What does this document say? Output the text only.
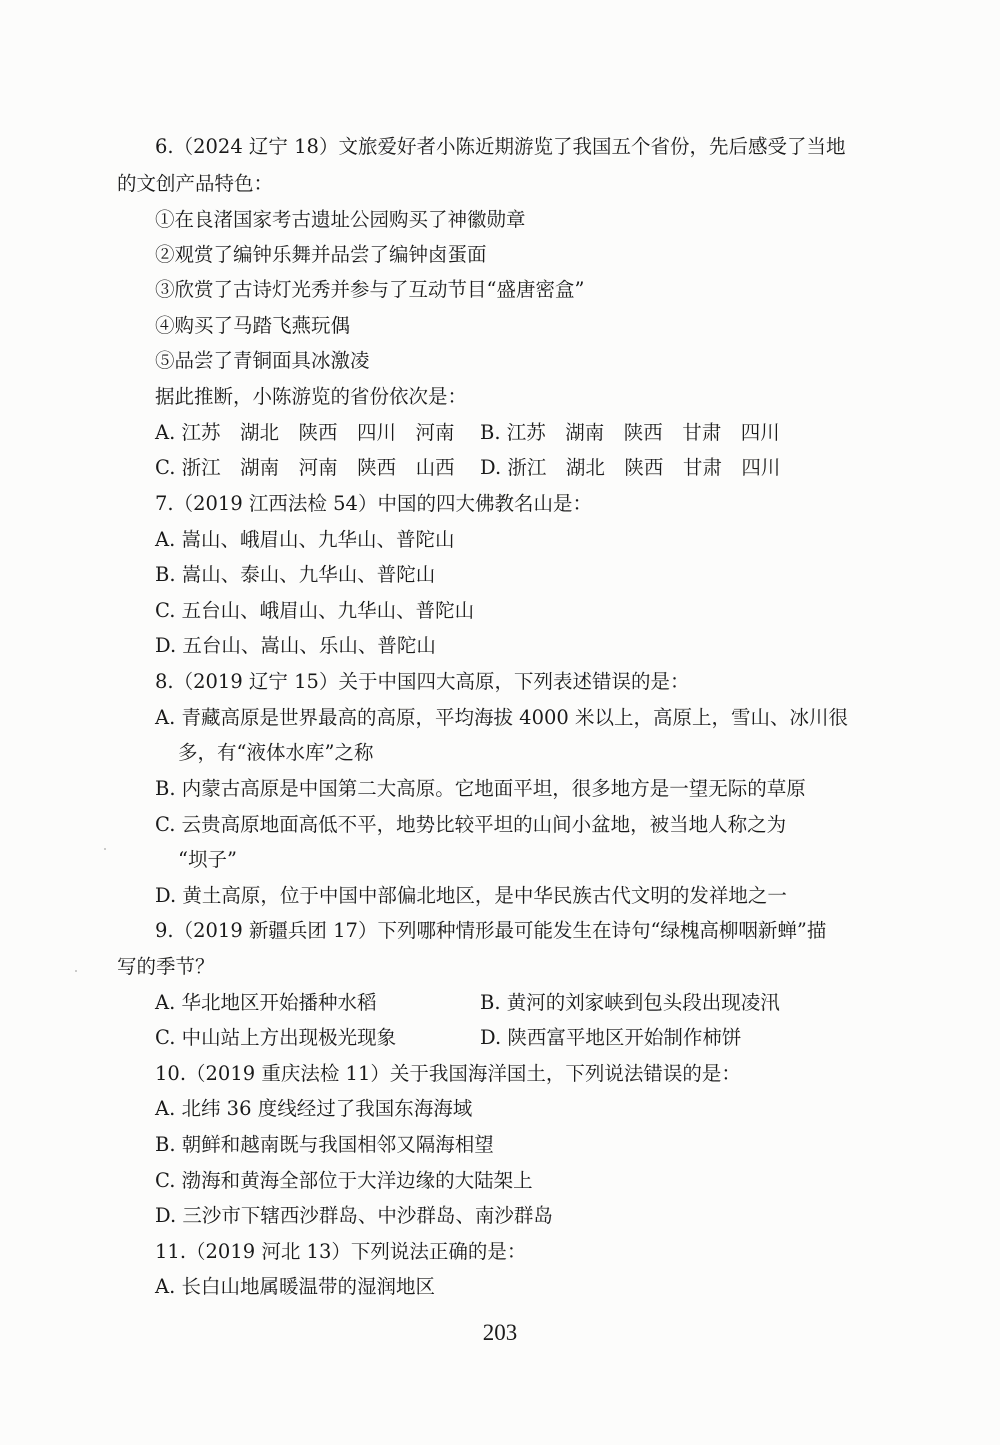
6.（2024 辽宁 18）文旅爱好者小陈近期游览了我国五个省份，先后感受了当地
的文创产品特色：
①在良渚国家考古遗址公园购买了神徽勋章
②观赏了编钟乐舞并品尝了编钟卤蛋面
③欣赏了古诗灯光秀并参与了互动节目“盛唐密盒”
④购买了马踏飞燕玩偶
⑤品尝了青铜面具冰激凌
据此推断，小陈游览的省份依次是：
A. 江苏　湖北　陕西　四川　河南 B. 江苏　湖南　陕西　甘肃　四川
C. 浙江　湖南　河南　陕西　山西 D. 浙江　湖北　陕西　甘肃　四川
7.（2019 江西法检 54）中国的四大佛教名山是：
A. 嵩山、峨眉山、九华山、普陀山
B. 嵩山、泰山、九华山、普陀山
C. 五台山、峨眉山、九华山、普陀山
D. 五台山、嵩山、乐山、普陀山
8.（2019 辽宁 15）关于中国四大高原，下列表述错误的是：
A. 青藏高原是世界最高的高原，平均海拔 4000 米以上，高原上，雪山、冰川很
多，有“液体水库”之称
B. 内蒙古高原是中国第二大高原。它地面平坦，很多地方是一望无际的草原
C. 云贵高原地面高低不平，地势比较平坦的山间小盆地，被当地人称之为
“坝子”
D. 黄土高原，位于中国中部偏北地区，是中华民族古代文明的发祥地之一
9.（2019 新疆兵团 17）下列哪种情形最可能发生在诗句“绿槐高柳咽新蝉”描
写的季节？
A. 华北地区开始播种水稻	B. 黄河的刘家峡到包头段出现凌汛
C. 中山站上方出现极光现象	D. 陕西富平地区开始制作柿饼
10.（2019 重庆法检 11）关于我国海洋国土，下列说法错误的是：
A. 北纬 36 度线经过了我国东海海域
B. 朝鲜和越南既与我国相邻又隔海相望
C. 渤海和黄海全部位于大洋边缘的大陆架上
D. 三沙市下辖西沙群岛、中沙群岛、南沙群岛
11.（2019 河北 13）下列说法正确的是：
A. 长白山地属暖温带的湿润地区
203
